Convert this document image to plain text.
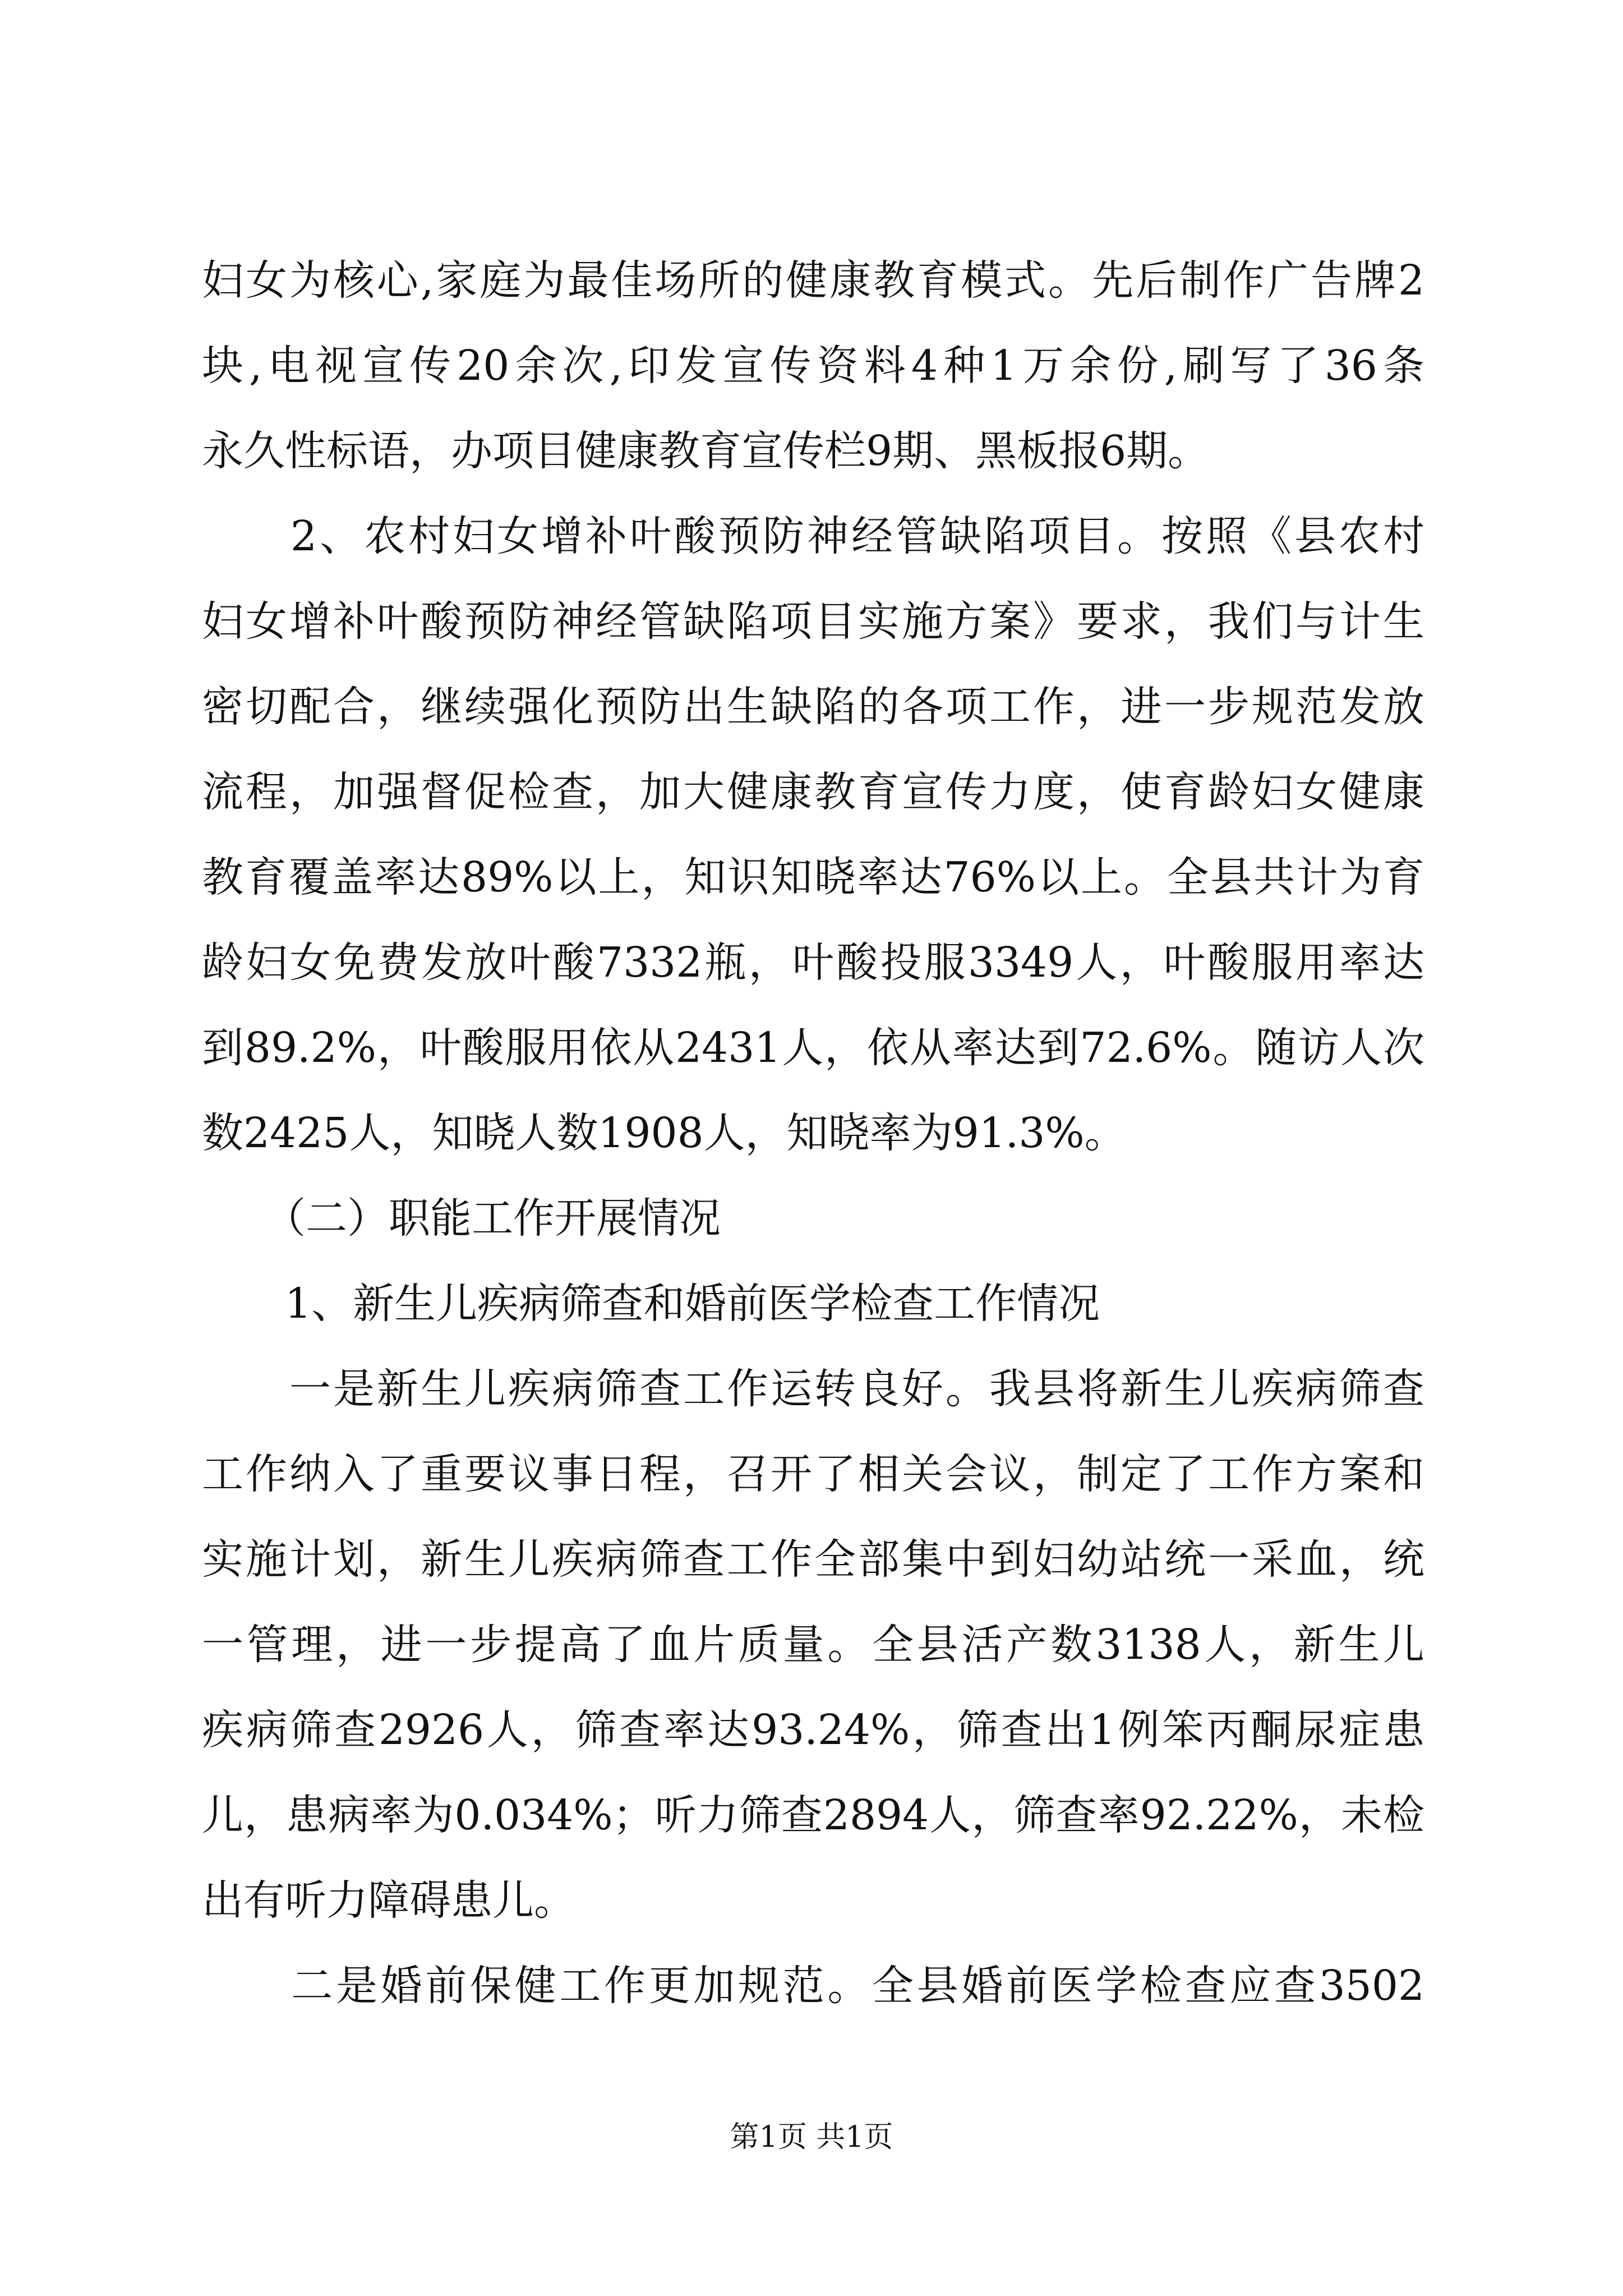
妇女为核心,家庭为最佳场所的健康教育模式。先后制作广告牌2
块,电视宣传20余次,印发宣传资料4种1万余份,刷写了36条
永久性标语，办项目健康教育宣传栏9期、黑板报6期。
　　2、农村妇女增补叶酸预防神经管缺陷项目。按照《县农村
妇女增补叶酸预防神经管缺陷项目实施方案》要求，我们与计生
密切配合，继续强化预防出生缺陷的各项工作，进一步规范发放
流程，加强督促检查，加大健康教育宣传力度，使育龄妇女健康
教育覆盖率达89%以上，知识知晓率达76%以上。全县共计为育
龄妇女免费发放叶酸7332瓶，叶酸投服3349人，叶酸服用率达
到89.2%，叶酸服用依从2431人，依从率达到72.6%。随访人次
数2425人，知晓人数1908人，知晓率为91.3%。
　　（二）职能工作开展情况
　　1、新生儿疾病筛查和婚前医学检查工作情况
　　一是新生儿疾病筛查工作运转良好。我县将新生儿疾病筛查
工作纳入了重要议事日程，召开了相关会议，制定了工作方案和
实施计划，新生儿疾病筛查工作全部集中到妇幼站统一采血，统
一管理，进一步提高了血片质量。全县活产数3138人，新生儿
疾病筛查2926人，筛查率达93.24%，筛查出1例笨丙酮尿症患
儿，患病率为0.034%；听力筛查2894人，筛查率92.22%，未检
出有听力障碍患儿。
　　二是婚前保健工作更加规范。全县婚前医学检查应查3502
第1页 共1页
